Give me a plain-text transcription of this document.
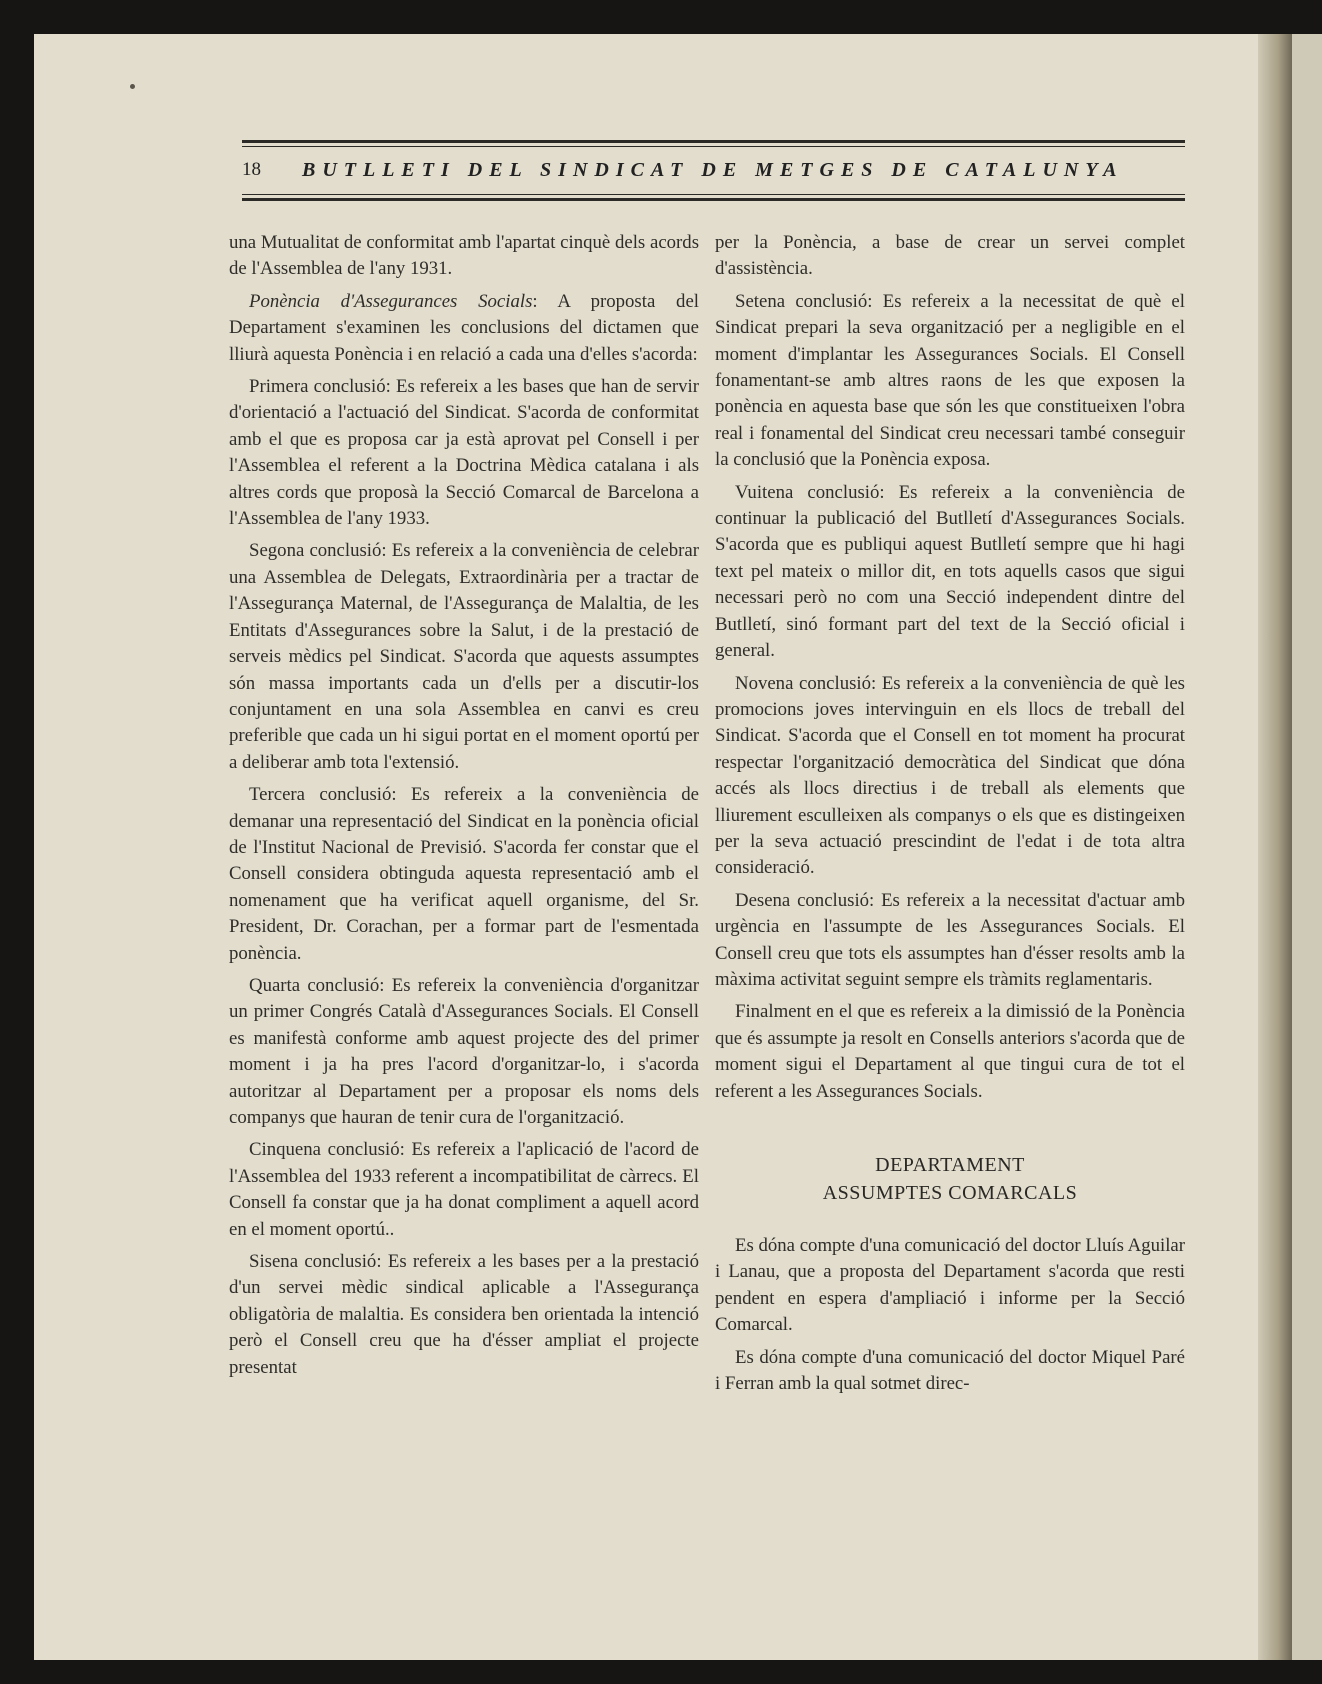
18	BUTLLETI DEL SINDICAT DE METGES DE CATALUNYA

una Mutualitat de conformitat amb l'apartat cinquè dels acords de l'Assemblea de l'any 1931.

Ponència d'Assegurances Socials: A proposta del Departament s'examinen les conclusions del dictamen que lliurà aquesta Ponència i en relació a cada una d'elles s'acorda:

Primera conclusió: Es refereix a les bases que han de servir d'orientació a l'actuació del Sindicat. S'acorda de conformitat amb el que es proposa car ja està aprovat pel Consell i per l'Assemblea el referent a la Doctrina Mèdica catalana i als altres cords que proposà la Secció Comarcal de Barcelona a l'Assemblea de l'any 1933.

Segona conclusió: Es refereix a la conveniència de celebrar una Assemblea de Delegats, Extraordinària per a tractar de l'Assegurança Maternal, de l'Assegurança de Malaltia, de les Entitats d'Assegurances sobre la Salut, i de la prestació de serveis mèdics pel Sindicat. S'acorda que aquests assumptes són massa importants cada un d'ells per a discutir-los conjuntament en una sola Assemblea en canvi es creu preferible que cada un hi sigui portat en el moment oportú per a deliberar amb tota l'extensió.

Tercera conclusió: Es refereix a la conveniència de demanar una representació del Sindicat en la ponència oficial de l'Institut Nacional de Previsió. S'acorda fer constar que el Consell considera obtinguda aquesta representació amb el nomenament que ha verificat aquell organisme, del Sr. President, Dr. Corachan, per a formar part de l'esmentada ponència.

Quarta conclusió: Es refereix la conveniència d'organitzar un primer Congrés Català d'Assegurances Socials. El Consell es manifestà conforme amb aquest projecte des del primer moment i ja ha pres l'acord d'organitzar-lo, i s'acorda autoritzar al Departament per a proposar els noms dels companys que hauran de tenir cura de l'organització.

Cinquena conclusió: Es refereix a l'aplicació de l'acord de l'Assemblea del 1933 referent a incompatibilitat de càrrecs. El Consell fa constar que ja ha donat compliment a aquell acord en el moment oportú..

Sisena conclusió: Es refereix a les bases per a la prestació d'un servei mèdic sindical aplicable a l'Assegurança obligatòria de malaltia. Es considera ben orientada la intenció però el Consell creu que ha d'ésser ampliat el projecte presentat

per la Ponència, a base de crear un servei complet d'assistència.

Setena conclusió: Es refereix a la necessitat de què el Sindicat prepari la seva organització per a negligible en el moment d'implantar les Assegurances Socials. El Consell fonamentant-se amb altres raons de les que exposen la ponència en aquesta base que són les que constitueixen l'obra real i fonamental del Sindicat creu necessari també conseguir la conclusió que la Ponència exposa.

Vuitena conclusió: Es refereix a la conveniència de continuar la publicació del Butlletí d'Assegurances Socials. S'acorda que es publiqui aquest Butlletí sempre que hi hagi text pel mateix o millor dit, en tots aquells casos que sigui necessari però no com una Secció independent dintre del Butlletí, sinó formant part del text de la Secció oficial i general.

Novena conclusió: Es refereix a la conveniència de què les promocions joves intervinguin en els llocs de treball del Sindicat. S'acorda que el Consell en tot moment ha procurat respectar l'organització democràtica del Sindicat que dóna accés als llocs directius i de treball als elements que lliurement esculleixen als companys o els que es distingeixen per la seva actuació prescindint de l'edat i de tota altra consideració.

Desena conclusió: Es refereix a la necessitat d'actuar amb urgència en l'assumpte de les Assegurances Socials. El Consell creu que tots els assumptes han d'ésser resolts amb la màxima activitat seguint sempre els tràmits reglamentaris.

Finalment en el que es refereix a la dimissió de la Ponència que és assumpte ja resolt en Consells anteriors s'acorda que de moment sigui el Departament al que tingui cura de tot el referent a les Assegurances Socials.

DEPARTAMENT
ASSUMPTES COMARCALS

Es dóna compte d'una comunicació del doctor Lluís Aguilar i Lanau, que a proposta del Departament s'acorda que resti pendent en espera d'ampliació i informe per la Secció Comarcal.

Es dóna compte d'una comunicació del doctor Miquel Paré i Ferran amb la qual sotmet direc-
